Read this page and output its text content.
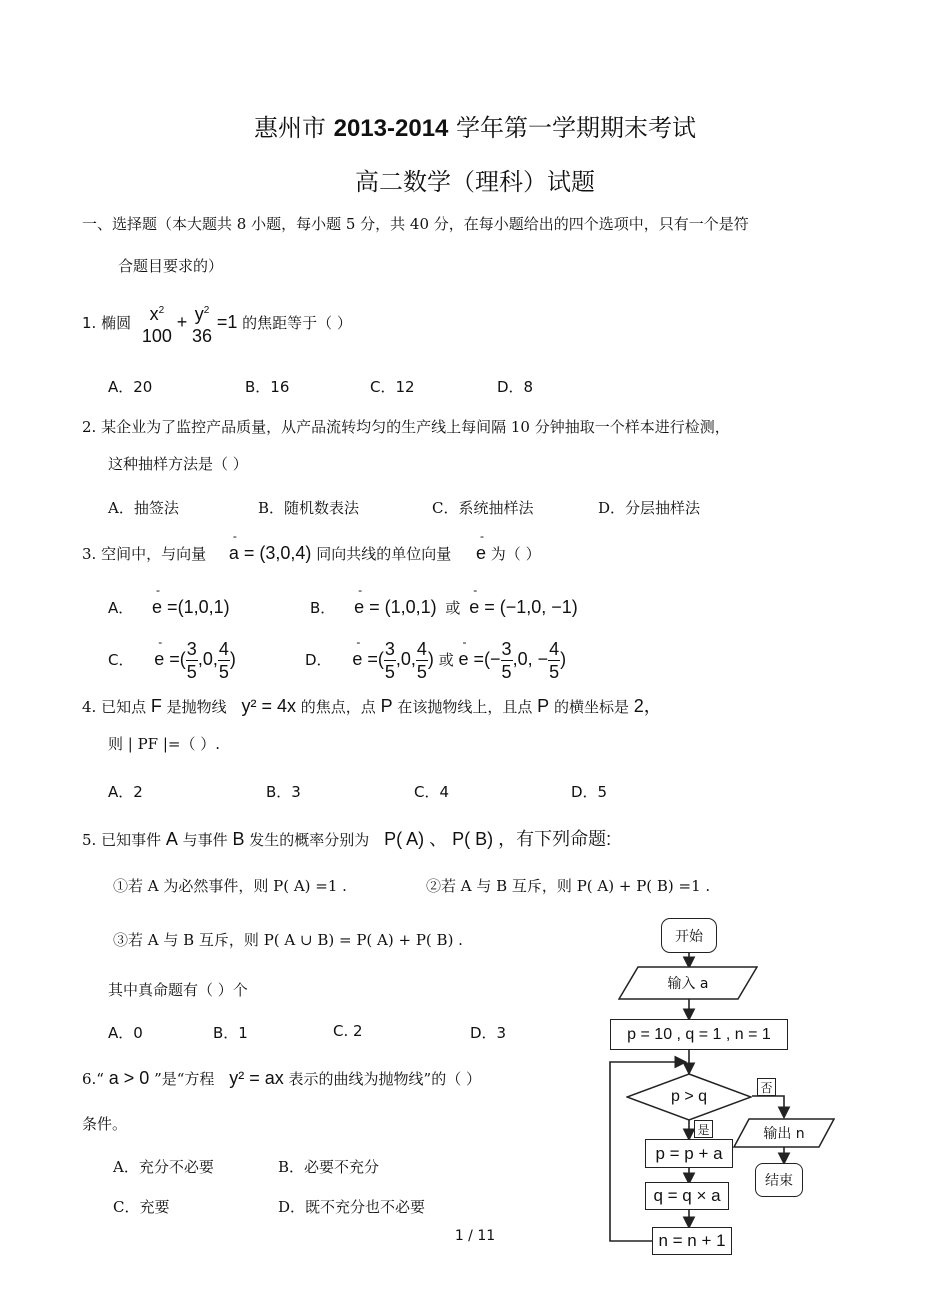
惠州市 2013-2014 学年第一学期期末考试
高二数学（理科）试题
一、选择题（本大题共 8 小题，每小题 5 分，共 40 分，在每小题给出的四个选项中，只有一个是符
合题目要求的）
1. 椭圆	$x^2$
100
+ $y^2$
36
=1 的焦距等于（ ）
A．20	B．16	C．12	D．8
2. 某企业为了监控产品质量，从产品流转均匀的生产线上每间隔 10 分钟抽取一个样本进行检测，
这种抽样方法是（ ）
A．抽签法	B．随机数表法	C．系统抽样法	D．分层抽样法
3. 空间中，与向量 - a = (3,0,4) 同向共线的单位向量 - e 为（ ）
A． - e =(1,0,1)	B． - e = (1,0,1) 或 - e = (−1,0, −1)
C． - e =( $\frac{3}{5} ,0$, $\frac{4}{5}$ )	D． - e =( $\frac{3}{5} ,0$, $\frac{4}{5}$ ) 或 - e =(− $\frac{3}{5} ,0$, − $\frac{4}{5}$ )
4. 已知点 F 是抛物线 y² = 4x 的焦点，点 P 在该抛物线上，且点 P 的横坐标是 2，
则 | PF |=（ ）.
A．2	B．3	C．4	D．5
5. 已知事件 A 与事件 B 发生的概率分别为 P( A) 、 P( B) ，有下列命题:
①若 A 为必然事件，则 P( A) =1 .	②若 A 与 B 互斥，则 P( A) + P( B) =1 .
③若 A 与 B 互斥，则 P( A ∪ B) = P( A) + P( B) .
其中真命题有（ ）个
A．0	B．1	C. 2	D．3
6.“ a > 0 ”是“方程 y² = ax 表示的曲线为抛物线”的（ ）
条件。
A．充分不必要	B．必要不充分
C．充要	D．既不充分也不必要
开始
输入 a
p = 10 , q = 1 , n = 1
p > q
否
是	输出 n
结束
p = p + a
q = q × a
n = n + 1
1 / 11
